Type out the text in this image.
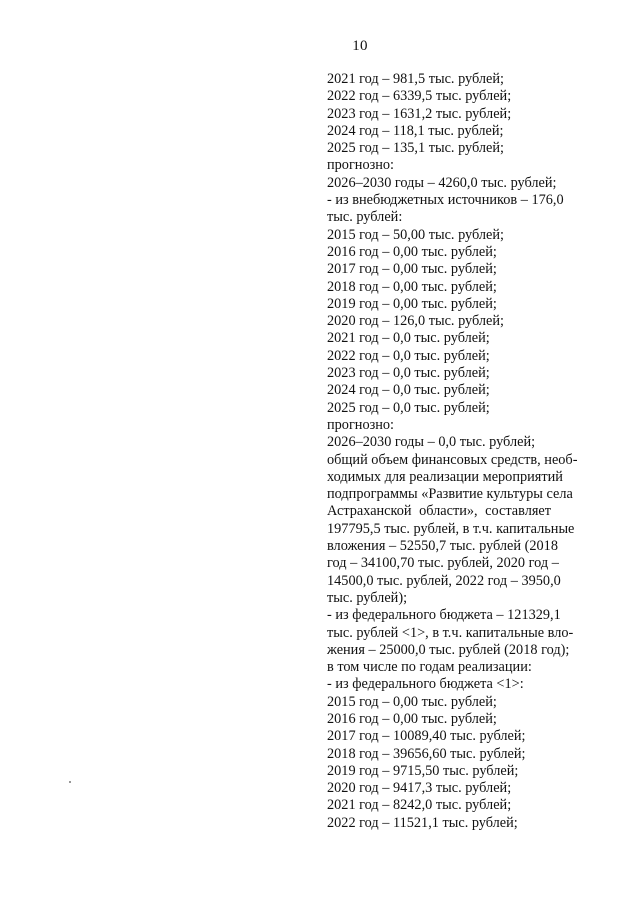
10
2021 год – 981,5 тыс. рублей;
2022 год – 6339,5 тыс. рублей;
2023 год – 1631,2 тыс. рублей;
2024 год – 118,1 тыс. рублей;
2025 год – 135,1 тыс. рублей;
прогнозно:
2026–2030 годы – 4260,0 тыс. рублей;
- из внебюджетных источников – 176,0
тыс. рублей:
2015 год – 50,00 тыс. рублей;
2016 год – 0,00 тыс. рублей;
2017 год – 0,00 тыс. рублей;
2018 год – 0,00 тыс. рублей;
2019 год – 0,00 тыс. рублей;
2020 год – 126,0 тыс. рублей;
2021 год – 0,0 тыс. рублей;
2022 год – 0,0 тыс. рублей;
2023 год – 0,0 тыс. рублей;
2024 год – 0,0 тыс. рублей;
2025 год – 0,0 тыс. рублей;
прогнозно:
2026–2030 годы – 0,0 тыс. рублей;
общий объем финансовых средств, необ-
ходимых для реализации мероприятий
подпрограммы «Развитие культуры села
Астраханской области», составляет
197795,5 тыс. рублей, в т.ч. капитальные
вложения – 52550,7 тыс. рублей (2018
год – 34100,70 тыс. рублей, 2020 год –
14500,0 тыс. рублей, 2022 год – 3950,0
тыс. рублей);
- из федерального бюджета – 121329,1
тыс. рублей <1>, в т.ч. капитальные вло-
жения – 25000,0 тыс. рублей (2018 год);
в том числе по годам реализации:
- из федерального бюджета <1>:
2015 год – 0,00 тыс. рублей;
2016 год – 0,00 тыс. рублей;
2017 год – 10089,40 тыс. рублей;
2018 год – 39656,60 тыс. рублей;
2019 год – 9715,50 тыс. рублей;
2020 год – 9417,3 тыс. рублей;
2021 год – 8242,0 тыс. рублей;
2022 год – 11521,1 тыс. рублей;
